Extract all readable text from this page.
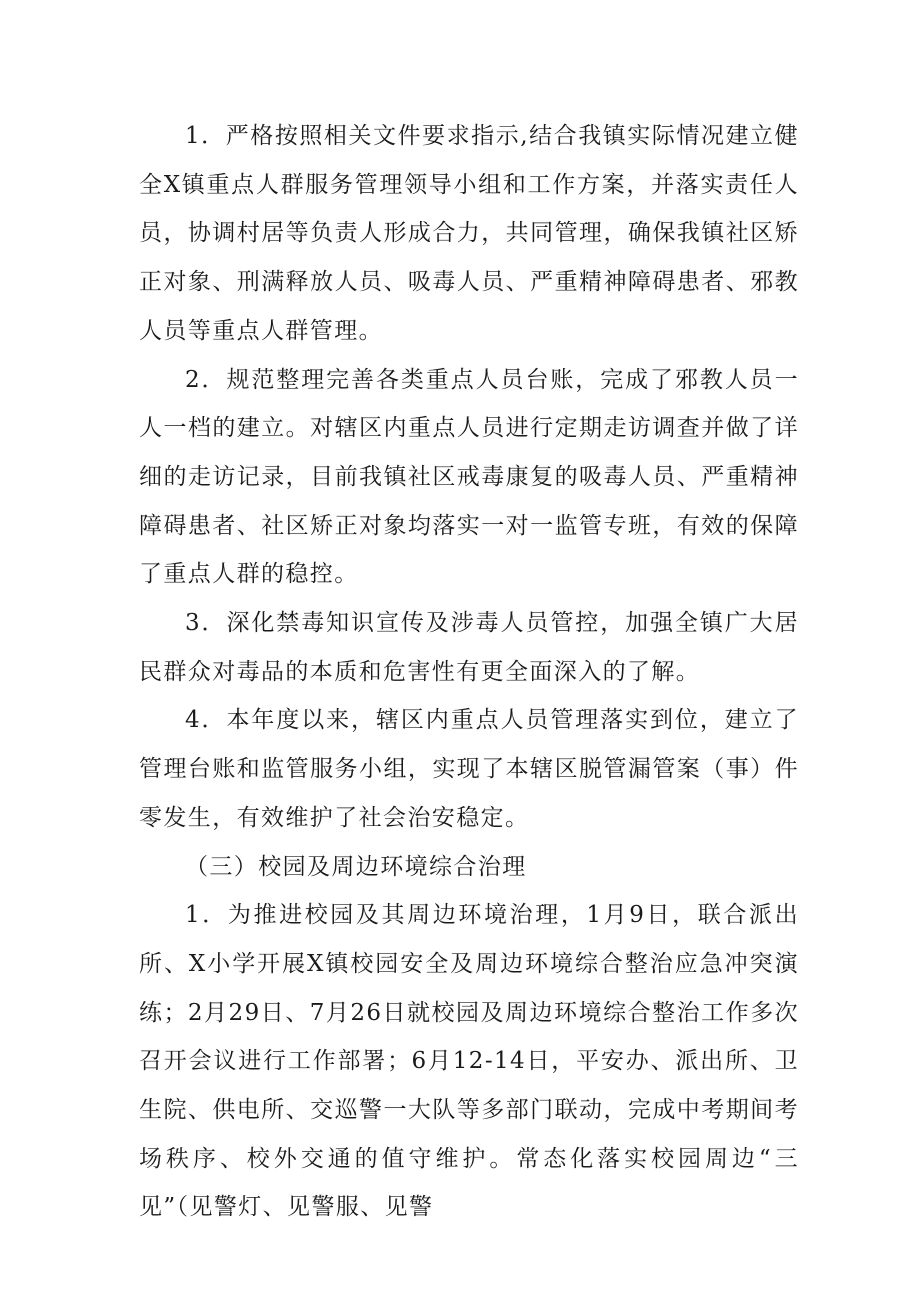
1．严格按照相关文件要求指示,结合我镇实际情况建立健全X镇重点人群服务管理领导小组和工作方案，并落实责任人员，协调村居等负责人形成合力，共同管理，确保我镇社区矫正对象、刑满释放人员、吸毒人员、严重精神障碍患者、邪教人员等重点人群管理。

2．规范整理完善各类重点人员台账，完成了邪教人员一人一档的建立。对辖区内重点人员进行定期走访调查并做了详细的走访记录，目前我镇社区戒毒康复的吸毒人员、严重精神障碍患者、社区矫正对象均落实一对一监管专班，有效的保障了重点人群的稳控。

3．深化禁毒知识宣传及涉毒人员管控，加强全镇广大居民群众对毒品的本质和危害性有更全面深入的了解。

4．本年度以来，辖区内重点人员管理落实到位，建立了管理台账和监管服务小组，实现了本辖区脱管漏管案（事）件零发生，有效维护了社会治安稳定。

（三）校园及周边环境综合治理

1．为推进校园及其周边环境治理，1月9日，联合派出所、X小学开展X镇校园安全及周边环境综合整治应急冲突演练；2月29日、7月26日就校园及周边环境综合整治工作多次召开会议进行工作部署；6月12-14日，平安办、派出所、卫生院、供电所、交巡警一大队等多部门联动，完成中考期间考场秩序、校外交通的值守维护。常态化落实校园周边“三见”（见警灯、见警服、见警
